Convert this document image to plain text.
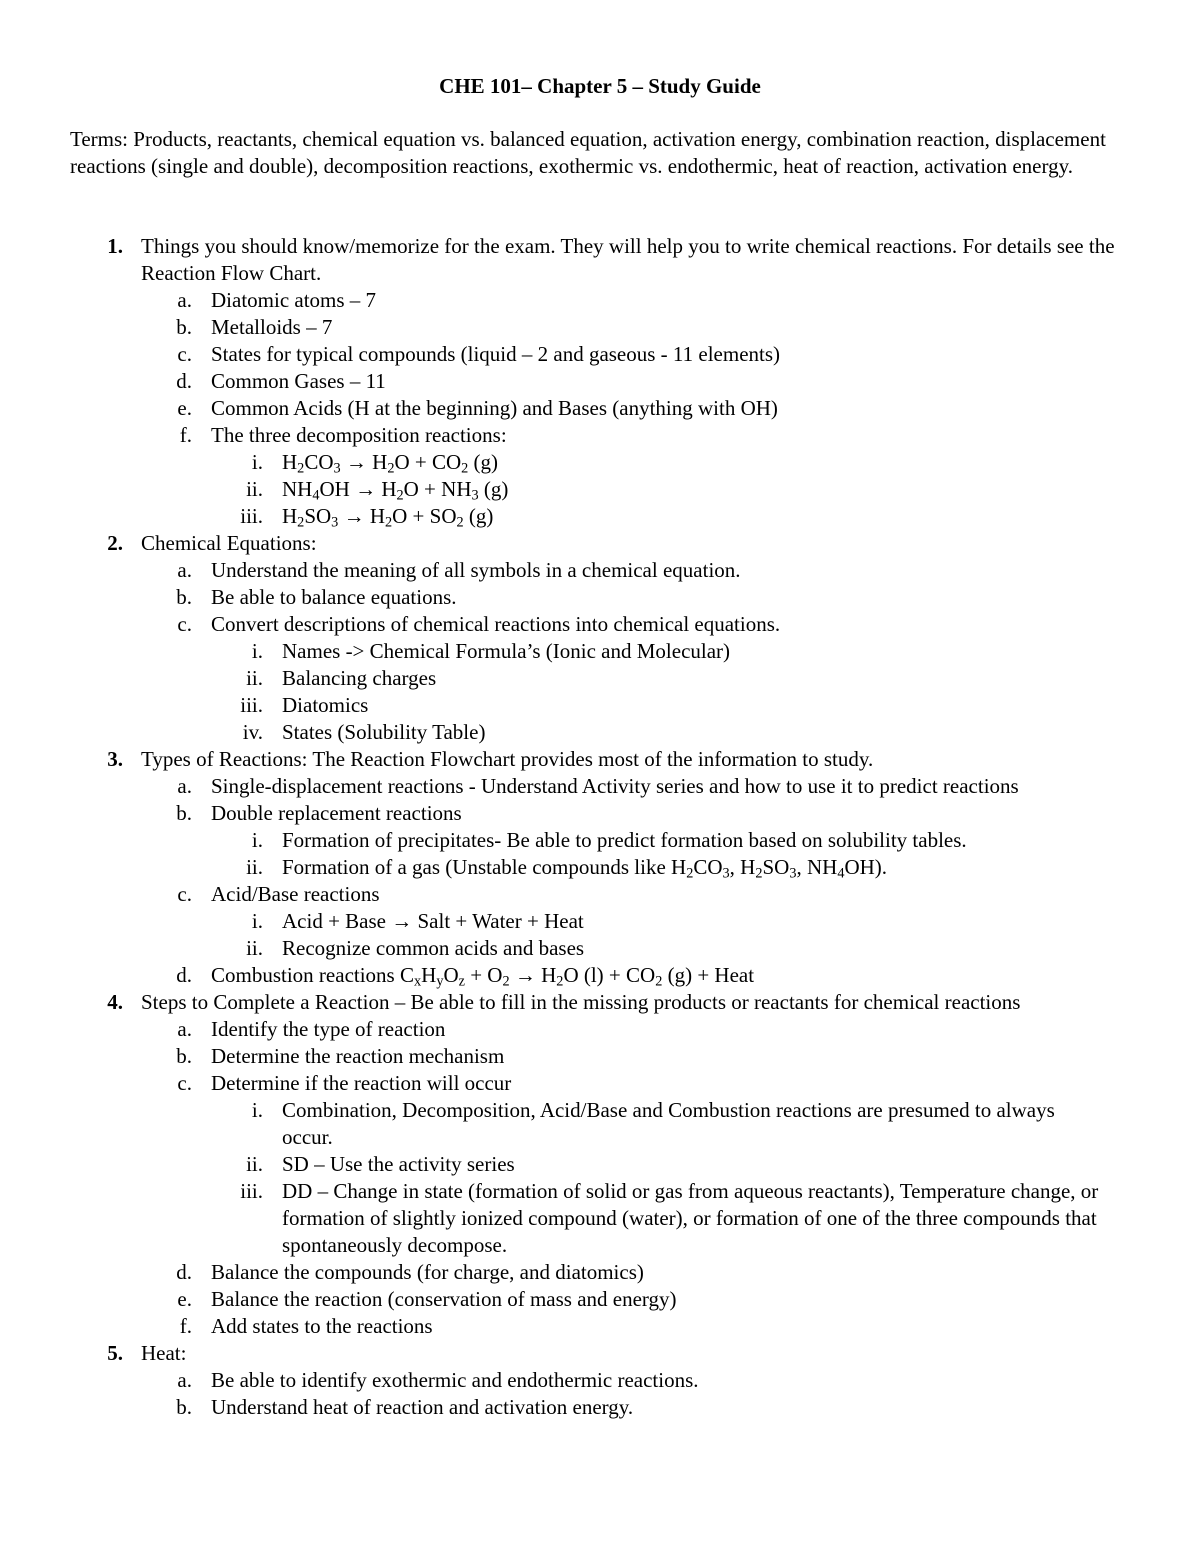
CHE 101– Chapter 5 – Study Guide
Terms: Products, reactants, chemical equation vs. balanced equation, activation energy, combination reaction, displacement reactions (single and double), decomposition reactions, exothermic vs. endothermic, heat of reaction, activation energy.
1. Things you should know/memorize for the exam. They will help you to write chemical reactions. For details see the Reaction Flow Chart.
a. Diatomic atoms – 7
b. Metalloids – 7
c. States for typical compounds (liquid – 2 and gaseous - 11 elements)
d. Common Gases – 11
e. Common Acids (H at the beginning) and Bases (anything with OH)
f. The three decomposition reactions:
i. $H_2CO_3 \to H_2O + CO_2$ (g)
ii. $NH_4OH \to H_2O + NH_3$ (g)
iii. $H_2SO_3 \to H_2O + SO_2$ (g)
2. Chemical Equations:
a. Understand the meaning of all symbols in a chemical equation.
b. Be able to balance equations.
c. Convert descriptions of chemical reactions into chemical equations.
i. Names -> Chemical Formula’s (Ionic and Molecular)
ii. Balancing charges
iii. Diatomics
iv. States (Solubility Table)
3. Types of Reactions: The Reaction Flowchart provides most of the information to study.
a. Single-displacement reactions - Understand Activity series and how to use it to predict reactions
b. Double replacement reactions
i. Formation of precipitates- Be able to predict formation based on solubility tables.
ii. Formation of a gas (Unstable compounds like $H_2CO_3$, $H_2SO_3$, $NH_4OH$).
c. Acid/Base reactions
i. Acid + Base → Salt + Water + Heat
ii. Recognize common acids and bases
d. Combustion reactions $C_xH_yO_z + O_2 \to H_2O$ $(l) + CO_2$ (g) + Heat
4. Steps to Complete a Reaction – Be able to fill in the missing products or reactants for chemical reactions
a. Identify the type of reaction
b. Determine the reaction mechanism
c. Determine if the reaction will occur
i. Combination, Decomposition, Acid/Base and Combustion reactions are presumed to always occur.
ii. SD – Use the activity series
iii. DD – Change in state (formation of solid or gas from aqueous reactants), Temperature change, or formation of slightly ionized compound (water), or formation of one of the three compounds that spontaneously decompose.
d. Balance the compounds (for charge, and diatomics)
e. Balance the reaction (conservation of mass and energy)
f. Add states to the reactions
5. Heat:
a. Be able to identify exothermic and endothermic reactions.
b. Understand heat of reaction and activation energy.
